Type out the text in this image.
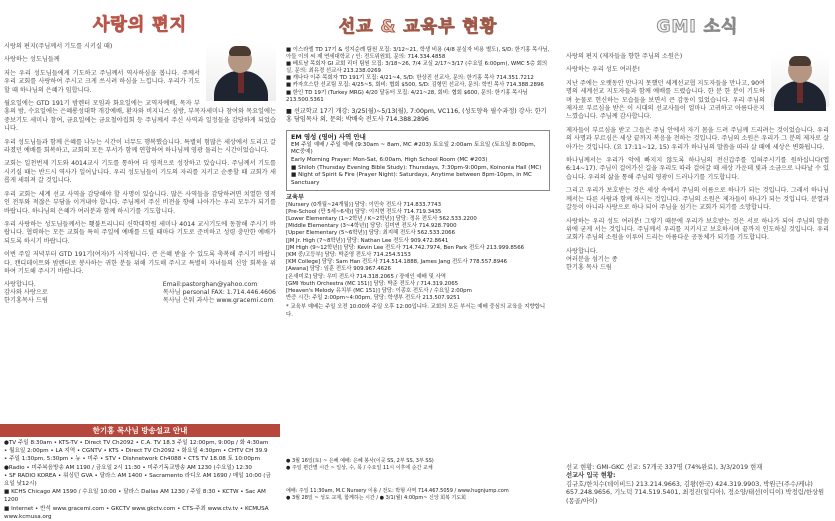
사랑의 편지
시랑의 편지(주님께서 기도를 시키실 때)
사랑하는 성도님들께
저는 우리 성도님들에게 기도하고 주님께서 역사하심을 봅니다. 주께서 우리 교회를 사랑하여 주시고 크게 쓰시려 하심을 느낍니다. 우리가 기도할 때 하나님의 은혜가 임합니다.
월요일에는 GTD 191기 밤렌터 모임과 화요일에는 교역자예배, 목자 부흥의 밤, 수요일에는 은혜롱성대학 개강예배, 환자와 비지니스 심방, 부목자세미나 참여와 목요일에는 중보기도 세미나 참여, 금요일에는 금요철야집회 등 주님께서 주신 사역과 일정들을 감당하게 되었습니다.
우리 성도님들과 함께 은혜를 나누는 시간이 너무도 행복했습니다. 특별히 험많은 세상에서 도리고 갈라졌던 예배를 회복하고, 교회의 모든 부서가 함께 연합하여 하나님께 영광 돌리는 시간이었습니다.
교회는 일천번제 기도와 4014교시 기도를 통하여 더 영적으로 성장하고 있습니다. 주님께서 기도를 시키실 때는 반드시 역사가 일어납니다. 우리 성도님들이 기도의 자리를 지키고 순종할 때 교회가 새롭게 세워져 갈 것입니다.
우리 교회는 세계 선교 사역을 감당해야 할 사명이 있습니다. 많은 사역들을 감당하려면 치열한 영적인 전투와 적잖은 부담을 이겨내야 합니다. 주님께서 주신 비전을 향해 나아가는 우리 모두가 되기를 바랍니다. 하나님의 은혜가 여러분과 함께 하시기를 기도합니다.
우리 사랑하는 성도님들께서는 횃불트리니티 신학대학원 세미나 4014 교시기도에 동참해 주시기 바랍니다. 협력하는 모든 교회들 특히 주일에 예배를 드릴 때마다 기도로 준비하고 성령 충만한 예배가 되도록 하시기 바랍니다.
이번 주일 저녁부터 GTD 191기(여자)가 시작됩니다. 큰 은혜 받을 수 있도록 축복해 주시기 바랍니다. 캔디데이트와 밤렌터로 봉사하는 귀한 분들 위해 기도해 주시고 특별히 자녀들의 신앙 회복을 위하여 기도해 주시기 바랍니다.
사랑합니다.
감사와 사랑으로
한기홍목사 드림
Email:pastorghan@yahoo.com
목사님 personal FAX: 1.714.446.4606
목사님 은퉈 과사는 www.gracemi.com
한기홍 목사님 방송설교 안내
●TV 주일 8:30am • KTS-TV • Direct TV Ch2092 • C.A. TV 18.3 주일 12:00pm, 9:00p / 화 4:30am
• 월요일 2:00pm • LA 지역 • CGNTV • KTS • Direct TV Ch2092 • 화요일 4:30pm • CHTV CH 39.9
• 주일 1:30pm, 5:30pm • 뉴 • 미주 • STV • Dishnetwork Ch4088 • CTS TV 18.08 토 10:00pm
●Radio • 미주복음방송 AM 1190 / 금요일 2시 11:30 • 미주기독교방송 AM 1230 (수요일) 12:30
• SF RADIO KOREA • 워싱턴 GVA • 달라스 AM 1400 • Sacramento 라디오 AM 1690 / 매일 10:00 (금요일 낮12시)
■ KCHS Chicago AM 1590 / 수요일 10:00 • 달라스 Dallas AM 1230 / 주일 8:30 • KCTW • Sac AM 1200
■ Internet • 반석 www.gracemi.com • GKCTV www.gkctv.com • CTS-주최 www.ctv.tv • KCMUSA www.kcmusa.org
선교 & 교육부 현황
■ 이스라엘 TD 17기 & 성지순례 팀원 모집: 3/12~21, 학생 비용 (4/8 분실자 비용 별도), S/D: 한기홍 목사님, 아들 이의 씨 제 연세대학교 / 인: 전도위원회, 문의: 714.334.4858
■ 베트남 목회자 GI 교회 리더 팀원 모집: 3/18~26, 7/4 교실 2/17~3/17 (수요일 6:00pm), WMC 5층 회의실, 문의: 최유경 선교사 213.238.0269
■ 캐나다 이주 목회자 TD 191기 모집: 4/21~4, S/D: 한상진 선교사, 문의: 한기홍 목사 714.351.7212
■ 카자흐스탄 선교팀 모집: 4/25~5, 회비: 협회 $500, S/D: 김형민 선교사, 문의: 학빈 목사 714.388.2896
■ 한인 TD 19기 (Turkey MRG) 4/20 달동터 모집: 4/21~28, 회비: 협회 $600, 문의: 한기홍 목사님 213.500.5361
■ 선교학교 17기 개강: 3/25(월)~5/13(월), 7:00pm, VC116, (성도양육 필수과정) 강사: 한기홍 담임목사 외, 문의: 박배숙 전도사 714.388.2896
EM 영성 (영어) 사역 안내
EM 주일 예배 / 주일 예배 (9:30am ~ 8am, MC #203) 토요일 2:00am 토요일 (토요일 8:00pm, MC중예)
Early Morning Prayer: Mon-Sat, 6:00am, High School Room (MC #203)
■ Shiloh (Thursday Evening Bible Study): Thursdays, 7:30pm-9:00pm, Koinonia Hall (MC)
■ Night of Spirit & Fire (Prayer Night): Saturdays, Anytime between 8pm-10pm, in MC Sanctuary
교육부
[Nursery (0개월~24개월)] 담당: 이민숙 전도사 714.833.7743
[Pre-School (만 5세~6세)] 담당: 이지현 전도사 714.719.3435
[Lower Elementary (1~2학년 / K~2학년)] 담당: 정유 전도사 562.533.2200
[Middle Elementary (3~4학년)] 담당: 김미연 전도사 714.928.7900
[Upper Elementary (5~6학년)] 담당: 최지혜 전도사 562.533.2066
[JM Jr. High (7~8학년)] 담당: Nathan Lee 전도사 909.472.8641
[JM High (9~12학년)] 담당: Kevin Lee 전도사 714.742.7974, Ben Park 전도사 213.999.8566
[KM 중/고등부] 담당: 박준영 전도사 714.254.5153
[KM College] 담당: Sam Han 전도사 714.514.1888, James Jang 전도사 778.557.8946
[Awana] 담당: 임훈 전도사 909.967.4626
[온새미로] 담당: 우미 전도사 714.318.2065 / 장애인 예배 및 사역
[GMI Youth Orchestra (MC 151)] 담당: 박준 전도사 / 714.319.2065
[Heaven's Melody 유치부 (MC 151)] 담당: 이종호 전도사 / 수요일 2:00pm
반증 시간: 주일 2:00pm~4:00pm, 담당: 학생부 전도사 213.507.9251
* 교육부 예배는 주일 오전 10:00와 주일 오후 12:00입니다. 교회의 모든 부서는 예배 중심의 교육을 지향합니다.
은혜 행정 소식
● 3월 16일(토) ~ 은혜 예배: 은혜 봉사(이곳 SS, 2부 SS, 3부 SS)
● 주일 편간별 시간 ~ 일상, 수, 목 / 수요일 11시 이후에 순간 교체
Jesus' Light (빛의 말씀 소식)
예배: 주일 11:30am, M.C Nursery 이용 / 전도: 박형 사역 714.467.5059 / www.hugnjump.com
● 3월 28일 ~ 성도 교제, 함께하는 시간 / ● 3/1(월) 4:00pm~ 신앙 회복 기도회
GMI 소식
사랑의 편지 (제자들을 향한 주님의 소원은)
사랑하는 우리 성도 여러분!
지난 주에는 오랫동안 만나지 못했던 세계선교협 지도자들을 만나고, 90여명의 세계선교 지도자들과 함께 예배를 드렸습니다. 한 분 한 분이 기도하며 눈물로 헌신하는 모습들을 보면서 큰 감동이 있었습니다. 우리 주님의 제자로 부르심을 받은 이 시대의 선교사들이 얼마나 고귀하고 아름다운지 느꼈습니다. 주님께 감사합니다.
제자들이 부르심을 받고 그들은 주님 안에서 자기 몸을 드려 주님께 드리려는 것이었습니다. 우리의 사명과 부르심은 세상 끝까지 복음을 전하는 것입니다. 주님의 소원은 우리가 그 분의 제자로 살아가는 것입니다. (요 17:11~12, 15) 우리가 하나님의 말씀을 따라 살 때에 세상은 변화됩니다.
하나님께서는 우리가 악에 빠지지 않도록 하나님의 전신갑주를 입혀주시기를 원하십니다(엡 6:14~17). 주님이 걸어가신 길을 우리도 따라 걸어갈 때 세상 가운데 빛과 소금으로 나타날 수 있습니다. 우리의 삶을 통해 주님의 영광이 드러나기를 기도합니다.
그리고 우리가 보호받는 것은 세상 속에서 주님의 이름으로 하나가 되는 것입니다. 그래서 하나님께서는 다른 사람과 함께 하시는 것입니다. 주님의 소원은 제자들이 하나가 되는 것입니다. 분열과 갈등이 아니라 사랑으로 하나 되어 주님을 섬기는 교회가 되기를 소망합니다.
사랑하는 우리 성도 여러분! 그렇기 때문에 우리가 보호받는 것은 서로 하나가 되어 주님의 말씀 위에 굳게 서는 것입니다. 주님께서 우리를 지키시고 보호하시며 끝까지 인도하실 것입니다. 우리 교회가 주님의 소원을 이루어 드리는 아름다운 공동체가 되기를 기도합니다.
사랑합니다.
여러분을 섬기는 종
한기홍 목사 드림
선교현황
선교 현황: GMI-GKC 선교: 57개국 337명 (74%완료), 3/3/2019 현재
선교사 입국 현황:
김규호/한치수(데이비드) 213.214.9663, 김왕(한국) 424.319.9903, 박원근(주수/케냐) 657.248.9656, 기노덕 714.519.5401, 최정진(일디아), 정소양/태선(이디이) 박정림/한상원 (몽골/아이)
